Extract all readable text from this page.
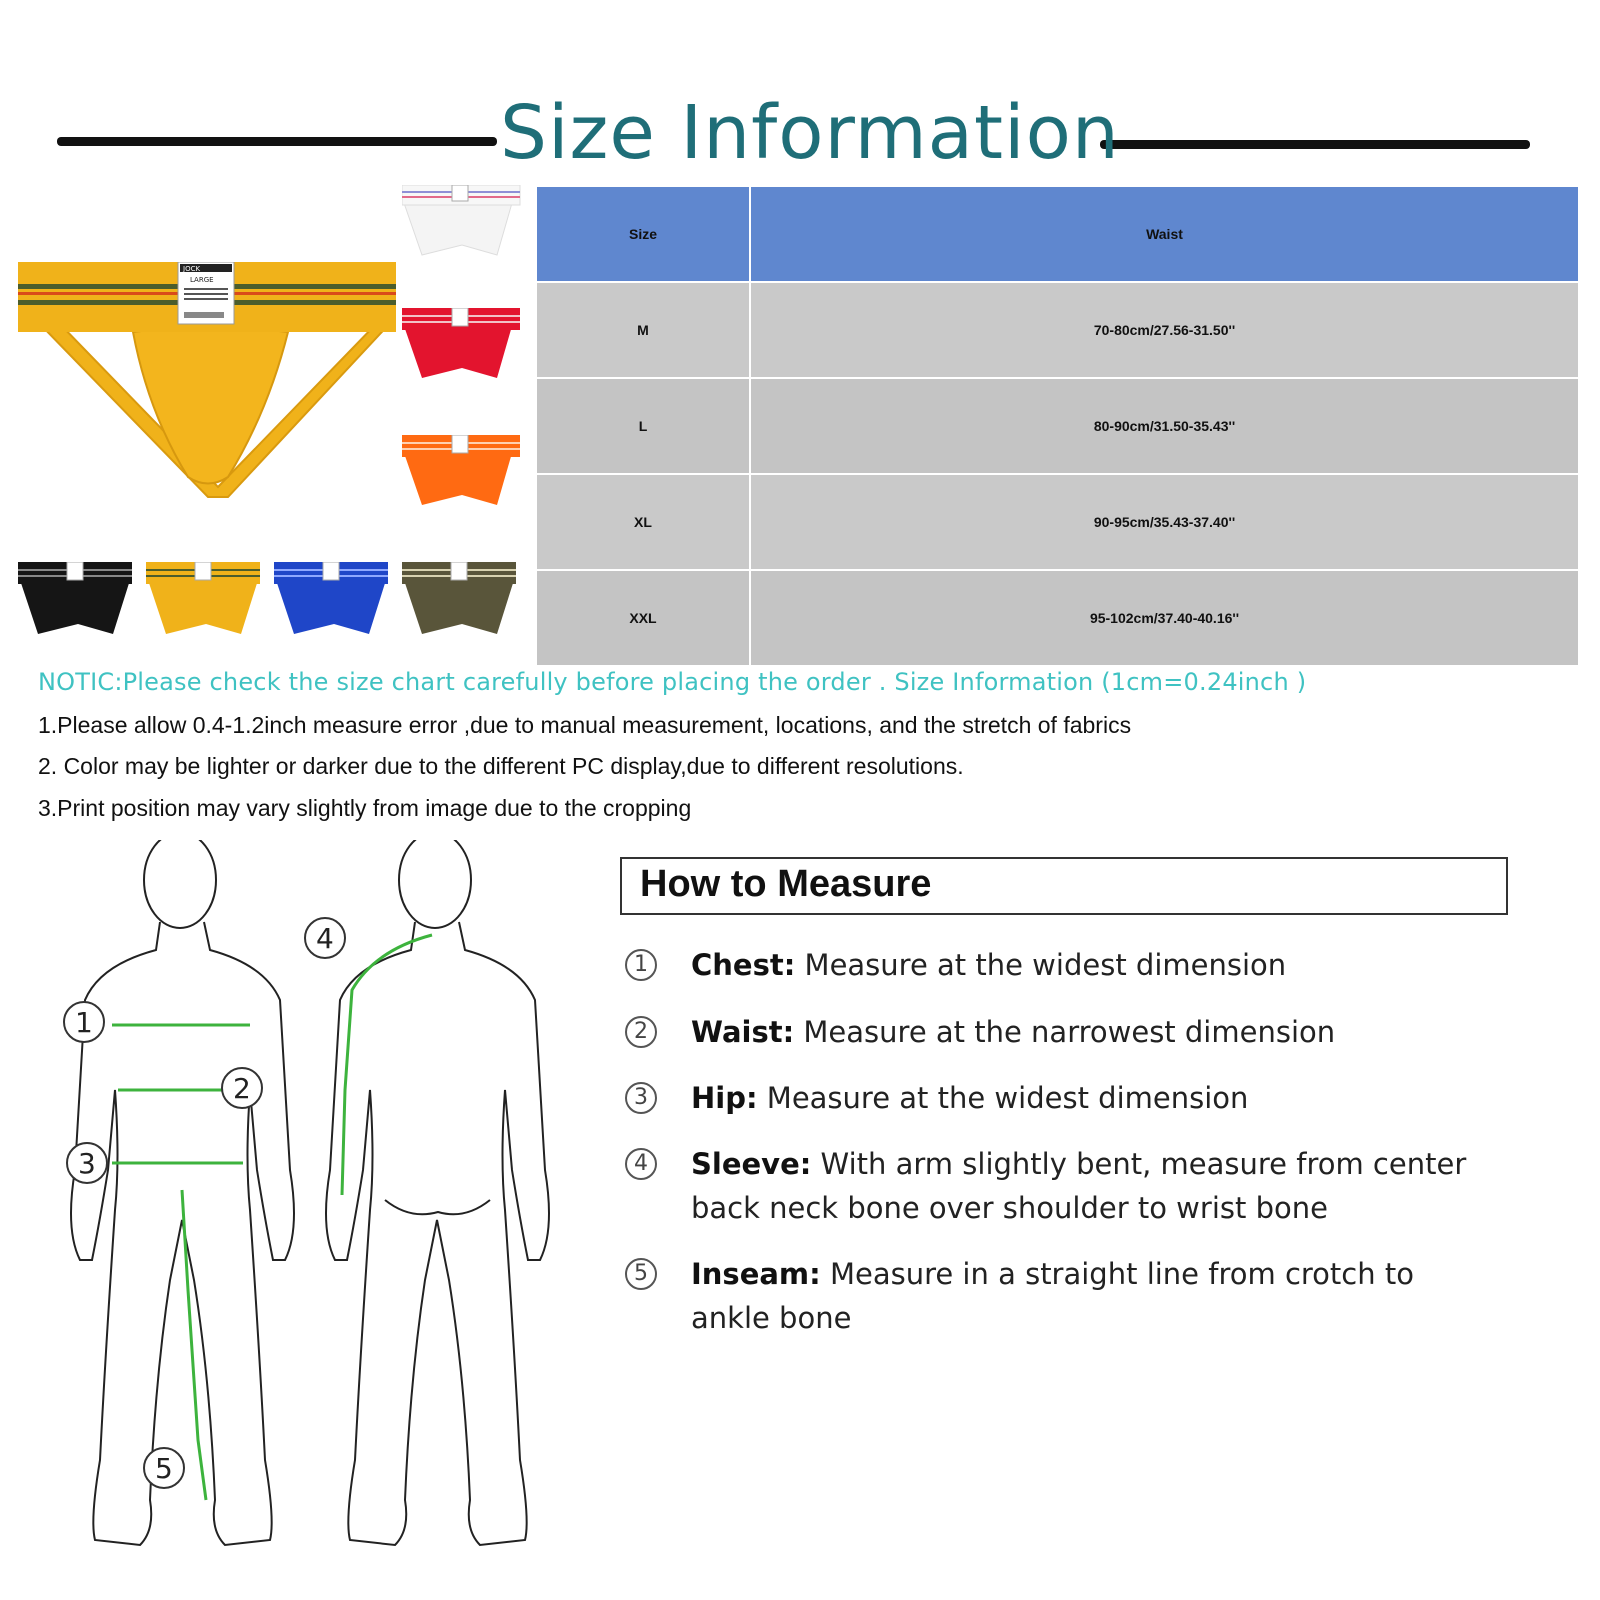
Size Information
JOCK
LARGE
Size	Waist
M	70-80cm/27.56-31.50''
L	80-90cm/31.50-35.43''
XL	90-95cm/35.43-37.40''
XXL	95-102cm/37.40-40.16''
NOTIC:Please check the size chart carefully before placing the order . Size Information (1cm=0.24inch )
1.Please allow 0.4-1.2inch measure error ,due to manual measurement, locations, and the stretch of fabrics
2. Color may be lighter or darker due to the different PC display,due to different resolutions.
3.Print position may vary slightly from image due to the cropping
1
2
3
4
5
How to Measure
1	Chest: Measure at the widest dimension
2	Waist: Measure at the narrowest dimension
3	Hip: Measure at the widest dimension
4	Sleeve: With arm slightly bent, measure from center back neck bone over shoulder to wrist bone
5	Inseam: Measure in a straight line from crotch to ankle bone
